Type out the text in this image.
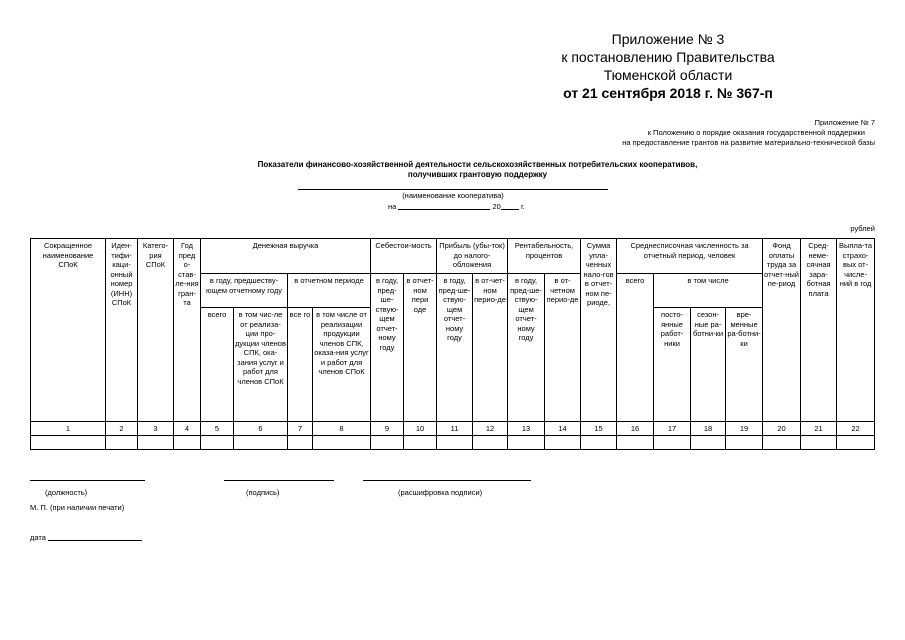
Приложение № 3
к постановлению Правительства
Тюменской области
от 21 сентября 2018 г. № 367-п
Приложение № 7
к Положению о порядке оказания государственной поддержки
на предоставление грантов на развитие материально-технической базы
Показатели финансово-хозяйственной деятельности сельскохозяйственных потребительских кооперативов,
получивших грантовую поддержку
(наименование кооператива)
на	20	г.
рублей
Сокращенное наименование СПоК	Иден-тифи-каци-онный номер (ИНН) СПоК	Катего-рия СПоК	Год пред о-став-ле-ния гран-та	Денежная выручка				Себестои-мость		Прибыль (убы-ток) до налого-обложения		Рентабельность, процентов		Сумма упла-ченных нало-гов в отчет-ном пе-риоде,	Среднесписочная численность за отчетный период, человек				Фонд оплаты труда за отчет-ный пе-риод	Сред-неме-сячная зара-ботная плата	Выпла-та страхо-вых от-числе-ний в год
				в году, предшеству-ющем отчетному году		в отчетном периоде		в году, пред-ше-ствую-щем отчет-ному году	в отчет-ном пери оде	в году, пред-ше-ствую-щем отчет-ному году	в от-чет-ном перио-де	в году, пред-ше-ствую-щем отчет-ному году	в от-четном перио-де		всего	в том числе					
				всего	в том чис-ле от реализа-ции про-дукции членов СПК, ока-зания услуг и работ для членов СПоК	все го	в том числе от реализации продукции членов СПК, оказа-ния услуг и работ для членов СПоК									посто-янные работ-ники	сезон-ные ра-ботни-ки	вре-менные ра-ботни-ки			
1	2	3	4	5	6	7	8	9	10	11	12	13	14	15	16	17	18	19	20	21	22

(должность)	(подпись)	(расшифровка подписи)
М. П. (при наличии печати)
дата
